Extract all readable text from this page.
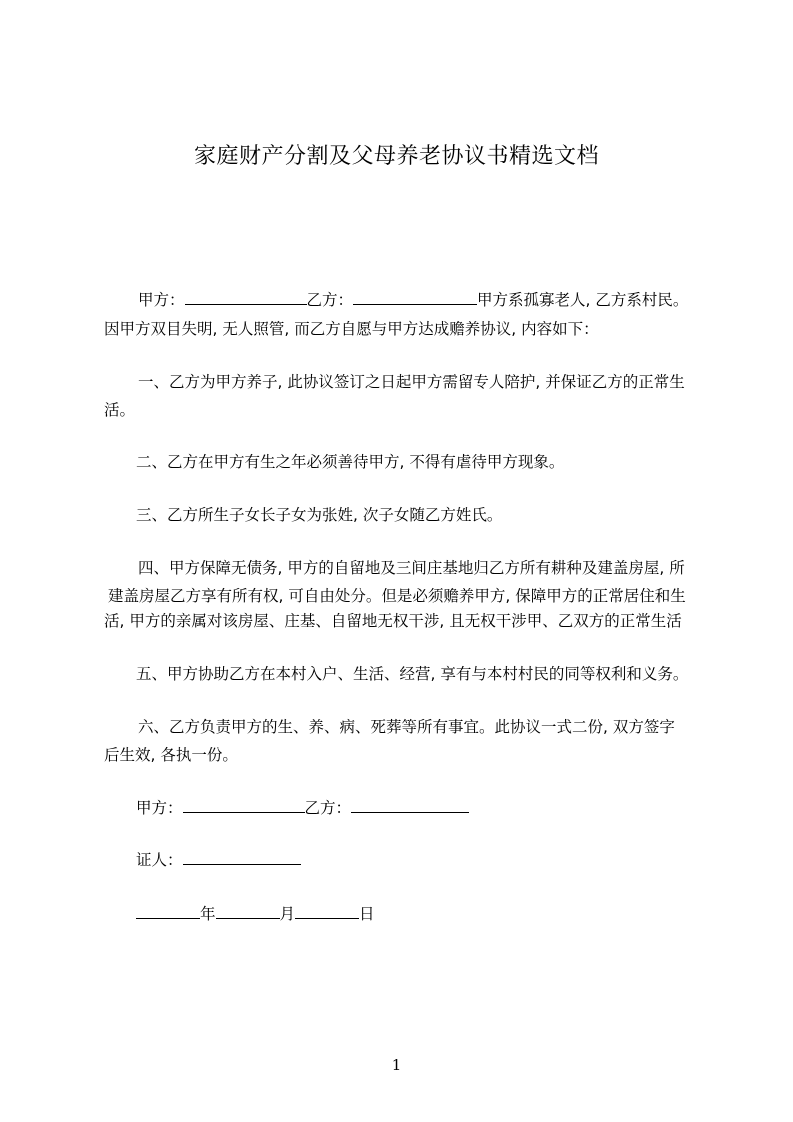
家庭财产分割及父母养老协议书精选文档
甲方：	乙方：	甲方系孤寡老人, 乙方系村民。
因甲方双目失明, 无人照管, 而乙方自愿与甲方达成赡养协议, 内容如下：
一、乙方为甲方养子, 此协议签订之日起甲方需留专人陪护, 并保证乙方的正常生
活。
二、乙方在甲方有生之年必须善待甲方, 不得有虐待甲方现象。
三、乙方所生子女长子女为张姓, 次子女随乙方姓氏。
四、甲方保障无债务, 甲方的自留地及三间庄基地归乙方所有耕种及建盖房屋, 所
建盖房屋乙方享有所有权, 可自由处分。但是必须赡养甲方, 保障甲方的正常居住和生
活, 甲方的亲属对该房屋、庄基、自留地无权干涉, 且无权干涉甲、乙双方的正常生活
五、甲方协助乙方在本村入户、生活、经营, 享有与本村村民的同等权利和义务。
六、乙方负责甲方的生、养、病、死葬等所有事宜。此协议一式二份, 双方签字
后生效, 各执一份。
甲方：	乙方：
证人：
年	月	日
1
